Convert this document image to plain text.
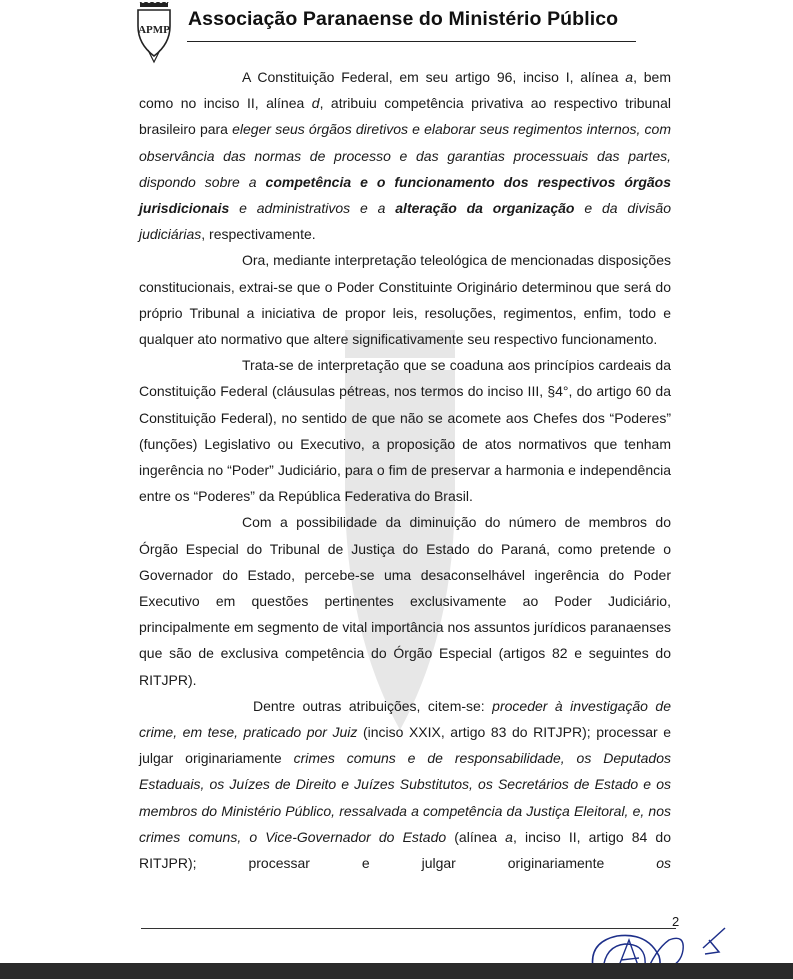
APMP Associação Paranaense do Ministério Público

A Constituição Federal, em seu artigo 96, inciso I, alínea a, bem como no inciso II, alínea d, atribuiu competência privativa ao respectivo tribunal brasileiro para eleger seus órgãos diretivos e elaborar seus regimentos internos, com observância das normas de processo e das garantias processuais das partes, dispondo sobre a competência e o funcionamento dos respectivos órgãos jurisdicionais e administrativos e a alteração da organização e da divisão judiciárias, respectivamente.

Ora, mediante interpretação teleológica de mencionadas disposições constitucionais, extrai-se que o Poder Constituinte Originário determinou que será do próprio Tribunal a iniciativa de propor leis, resoluções, regimentos, enfim, todo e qualquer ato normativo que altere significativamente seu respectivo funcionamento.

Trata-se de interpretação que se coaduna aos princípios cardeais da Constituição Federal (cláusulas pétreas, nos termos do inciso III, §4°, do artigo 60 da Constituição Federal), no sentido de que não se acomete aos Chefes dos “Poderes” (funções) Legislativo ou Executivo, a proposição de atos normativos que tenham ingerência no “Poder” Judiciário, para o fim de preservar a harmonia e independência entre os “Poderes” da República Federativa do Brasil.

Com a possibilidade da diminuição do número de membros do Órgão Especial do Tribunal de Justiça do Estado do Paraná, como pretende o Governador do Estado, percebe-se uma desaconselhável ingerência do Poder Executivo em questões pertinentes exclusivamente ao Poder Judiciário, principalmente em segmento de vital importância nos assuntos jurídicos paranaenses que são de exclusiva competência do Órgão Especial (artigos 82 e seguintes do RITJPR).

Dentre outras atribuições, citem-se: proceder à investigação de crime, em tese, praticado por Juiz (inciso XXIX, artigo 83 do RITJPR); processar e julgar originariamente crimes comuns e de responsabilidade, os Deputados Estaduais, os Juízes de Direito e Juízes Substitutos, os Secretários de Estado e os membros do Ministério Público, ressalvada a competência da Justiça Eleitoral, e, nos crimes comuns, o Vice-Governador do Estado (alínea a, inciso II, artigo 84 do RITJPR); processar e julgar originariamente os

2
